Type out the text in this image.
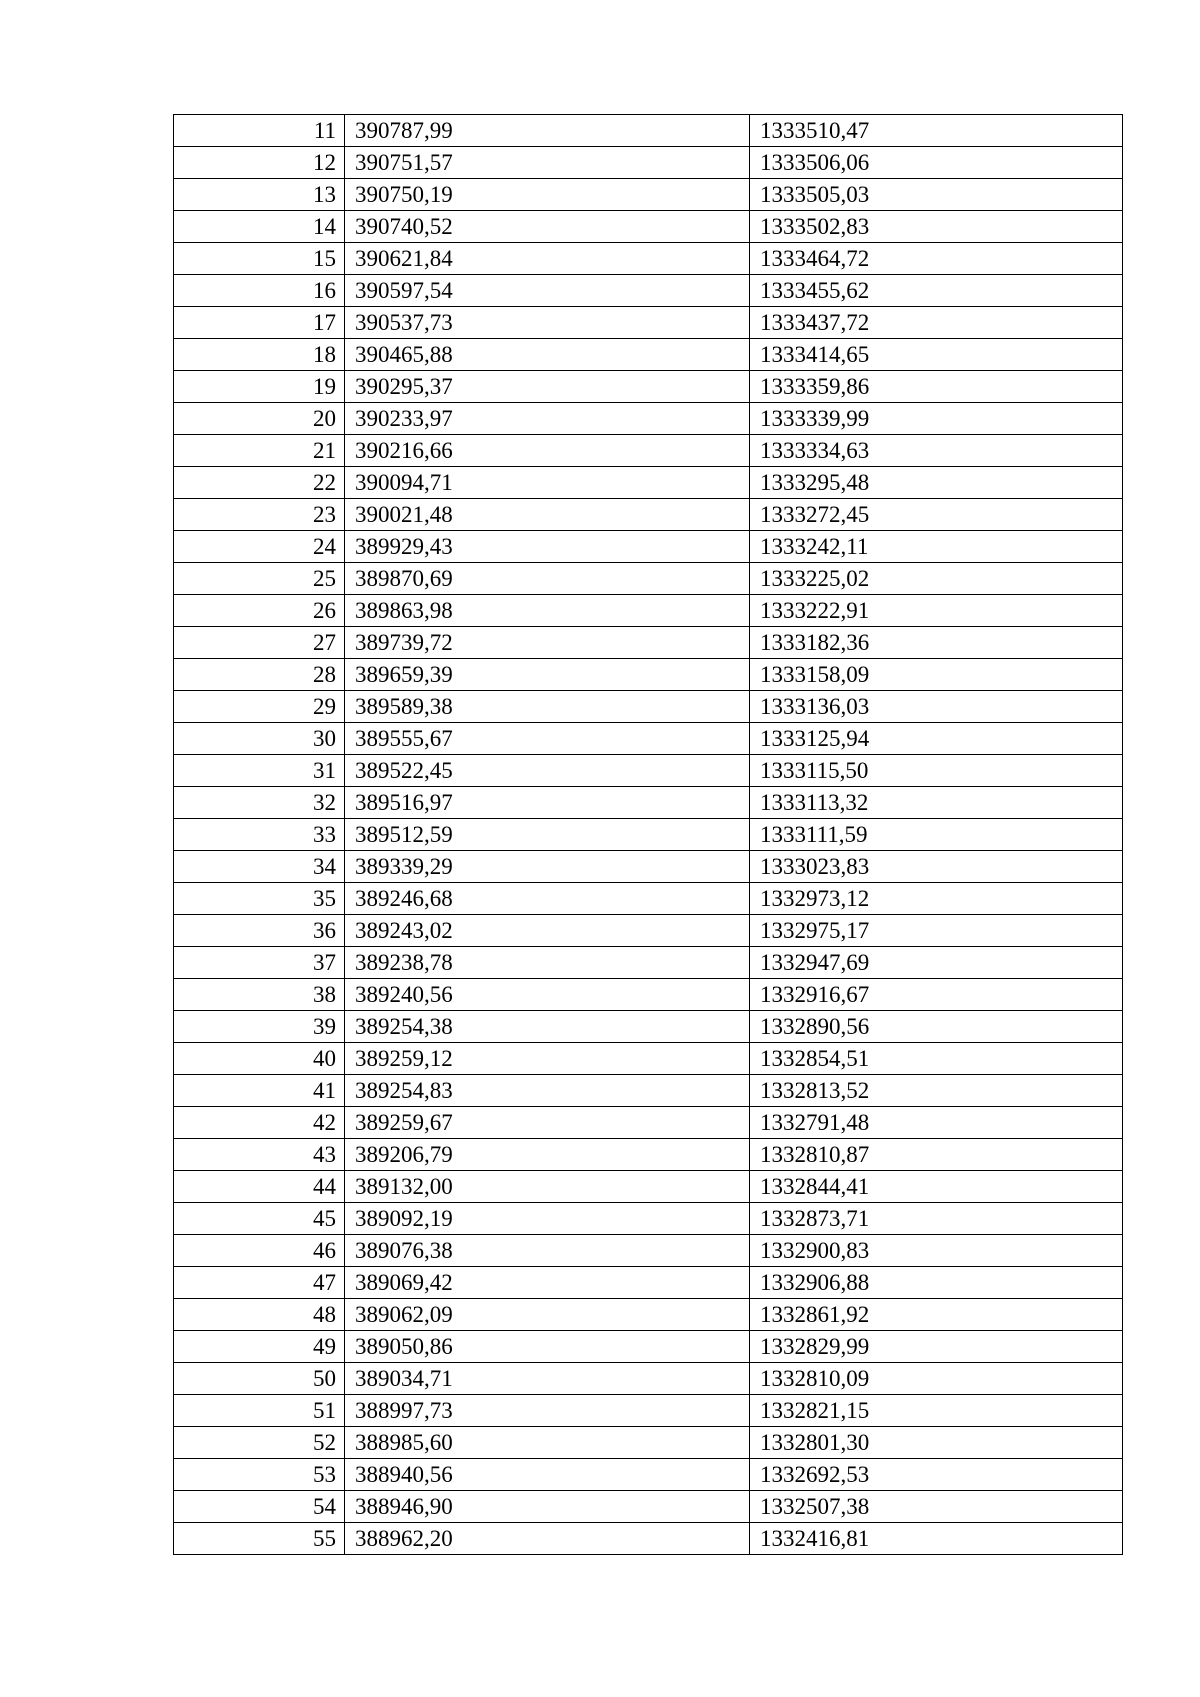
11	390787,99	1333510,47
12	390751,57	1333506,06
13	390750,19	1333505,03
14	390740,52	1333502,83
15	390621,84	1333464,72
16	390597,54	1333455,62
17	390537,73	1333437,72
18	390465,88	1333414,65
19	390295,37	1333359,86
20	390233,97	1333339,99
21	390216,66	1333334,63
22	390094,71	1333295,48
23	390021,48	1333272,45
24	389929,43	1333242,11
25	389870,69	1333225,02
26	389863,98	1333222,91
27	389739,72	1333182,36
28	389659,39	1333158,09
29	389589,38	1333136,03
30	389555,67	1333125,94
31	389522,45	1333115,50
32	389516,97	1333113,32
33	389512,59	1333111,59
34	389339,29	1333023,83
35	389246,68	1332973,12
36	389243,02	1332975,17
37	389238,78	1332947,69
38	389240,56	1332916,67
39	389254,38	1332890,56
40	389259,12	1332854,51
41	389254,83	1332813,52
42	389259,67	1332791,48
43	389206,79	1332810,87
44	389132,00	1332844,41
45	389092,19	1332873,71
46	389076,38	1332900,83
47	389069,42	1332906,88
48	389062,09	1332861,92
49	389050,86	1332829,99
50	389034,71	1332810,09
51	388997,73	1332821,15
52	388985,60	1332801,30
53	388940,56	1332692,53
54	388946,90	1332507,38
55	388962,20	1332416,81
